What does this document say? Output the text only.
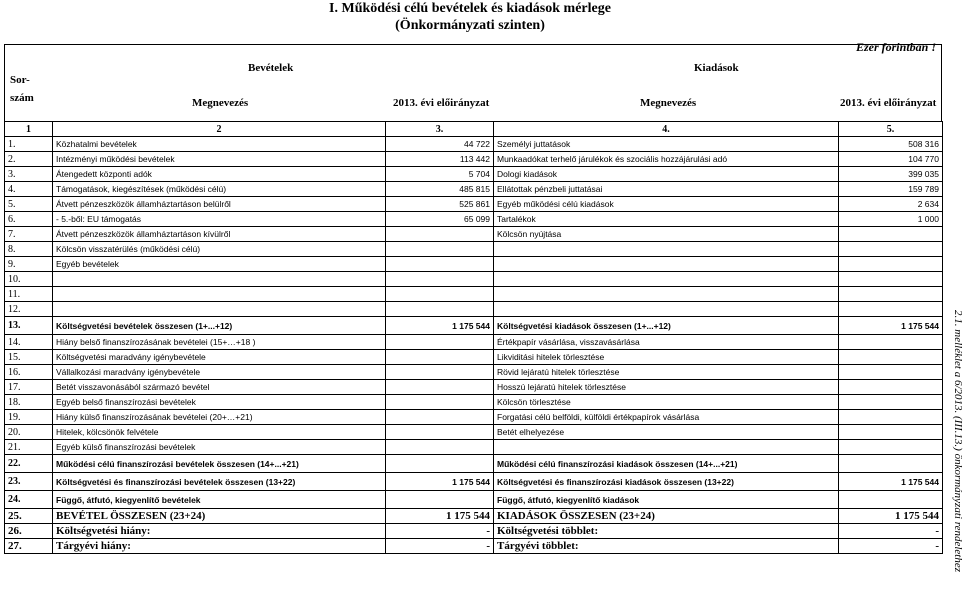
I. Működési célú bevételek és kiadások mérlege
(Önkormányzati szinten)
Ezer forintban !
Sor-
szám
Bevételek	Kiadások
Megnevezés	2013. évi előirányzat	Megnevezés	2013. évi előirányzat
2.1. melléklet a 6/2013. (III.13.) önkormányzati rendelethez
1	2	3.	4.	5.
1.	Közhatalmi bevételek	44 722	Személyi juttatások	508 316
2.	Intézményi működési bevételek	113 442	Munkaadókat terhelő járulékok és szociális hozzájárulási adó	104 770
3.	Átengedett központi adók	5 704	Dologi kiadások	399 035
4.	Támogatások, kiegészítések (működési célú)	485 815	Ellátottak pénzbeli juttatásai	159 789
5.	Átvett pénzeszközök államháztartáson belülről	525 861	Egyéb működési célú kiadások	2 634
6.	- 5.-ből: EU támogatás	65 099	Tartalékok	1 000
7.	Átvett pénzeszközök államháztartáson kívülről		Kölcsön nyújtása	
8.	Kölcsön visszatérülés (működési célú)			
9.	Egyéb bevételek			
10.				
11.				
12.				
13.	Költségvetési bevételek összesen (1+...+12)	1 175 544	Költségvetési kiadások összesen (1+...+12)	1 175 544
14.	Hiány belső finanszírozásának bevételei (15+…+18 )		Értékpapír vásárlása, visszavásárlása	
15.	Költségvetési maradvány igénybevétele		Likviditási hitelek törlesztése	
16.	Vállalkozási maradvány igénybevétele		Rövid lejáratú hitelek törlesztése	
17.	Betét visszavonásából származó bevétel		Hosszú lejáratú hitelek törlesztése	
18.	Egyéb belső finanszírozási bevételek		Kölcsön törlesztése	
19.	Hiány külső finanszírozásának bevételei (20+…+21)		Forgatási célú belföldi, külföldi értékpapírok vásárlása	
20.	Hitelek, kölcsönök felvétele		Betét elhelyezése	
21.	Egyéb külső finanszírozási bevételek			
22.	Működési célú finanszírozási bevételek összesen (14+...+21)		Működési célú finanszírozási kiadások összesen (14+...+21)	
23.	Költségvetési és finanszírozási bevételek összesen (13+22)	1 175 544	Költségvetési és finanszírozási kiadások összesen (13+22)	1 175 544
24.	Függő, átfutó, kiegyenlítő bevételek		Függő, átfutó, kiegyenlítő kiadások	
25.	BEVÉTEL ÖSSZESEN (23+24)	1 175 544	KIADÁSOK ÖSSZESEN (23+24)	1 175 544
26.	Költségvetési hiány:	-	Költségvetési többlet:	-
27.	Tárgyévi hiány:	-	Tárgyévi többlet:	-
